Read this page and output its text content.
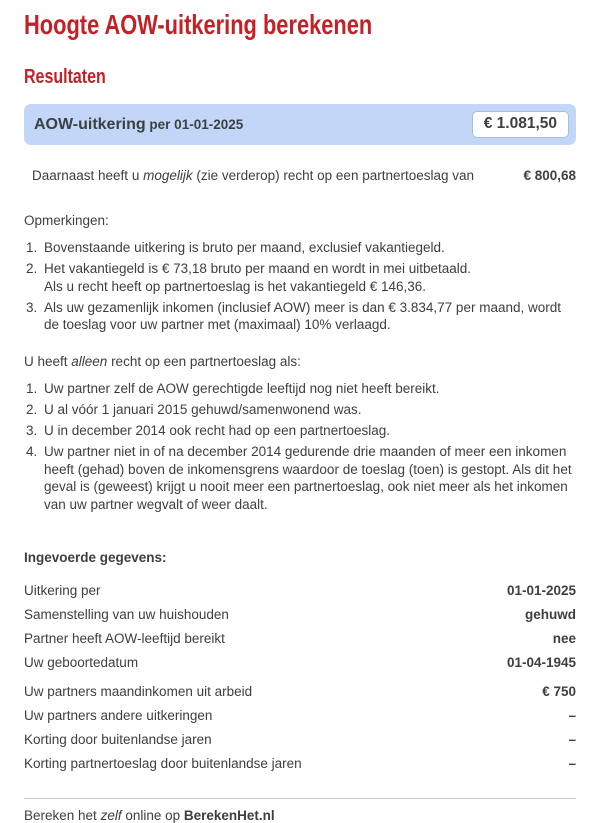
Hoogte AOW-uitkering berekenen
Resultaten
AOW-uitkering per 01-01-2025	€ 1.081,50
Daarnaast heeft u mogelijk (zie verderop) recht op een partnertoeslag van	€ 800,68

Opmerkingen:

1. Bovenstaande uitkering is bruto per maand, exclusief vakantiegeld.
2. Het vakantiegeld is € 73,18 bruto per maand en wordt in mei uitbetaald.
Als u recht heeft op partnertoeslag is het vakantiegeld € 146,36.
3. Als uw gezamenlijk inkomen (inclusief AOW) meer is dan € 3.834,77 per maand, wordt de toeslag voor uw partner met (maximaal) 10% verlaagd.

U heeft alleen recht op een partnertoeslag als:

1. Uw partner zelf de AOW gerechtigde leeftijd nog niet heeft bereikt.
2. U al vóór 1 januari 2015 gehuwd/samenwonend was.
3. U in december 2014 ook recht had op een partnertoeslag.
4. Uw partner niet in of na december 2014 gedurende drie maanden of meer een inkomen heeft (gehad) boven de inkomensgrens waardoor de toeslag (toen) is gestopt. Als dit het geval is (geweest) krijgt u nooit meer een partnertoeslag, ook niet meer als het inkomen van uw partner wegvalt of weer daalt.

Ingevoerde gegevens:

Uitkering per	01-01-2025
Samenstelling van uw huishouden	gehuwd
Partner heeft AOW-leeftijd bereikt	nee
Uw geboortedatum	01-04-1945
Uw partners maandinkomen uit arbeid	€ 750
Uw partners andere uitkeringen	–
Korting door buitenlandse jaren	–
Korting partnertoeslag door buitenlandse jaren	–

Bereken het zelf online op BerekenHet.nl
